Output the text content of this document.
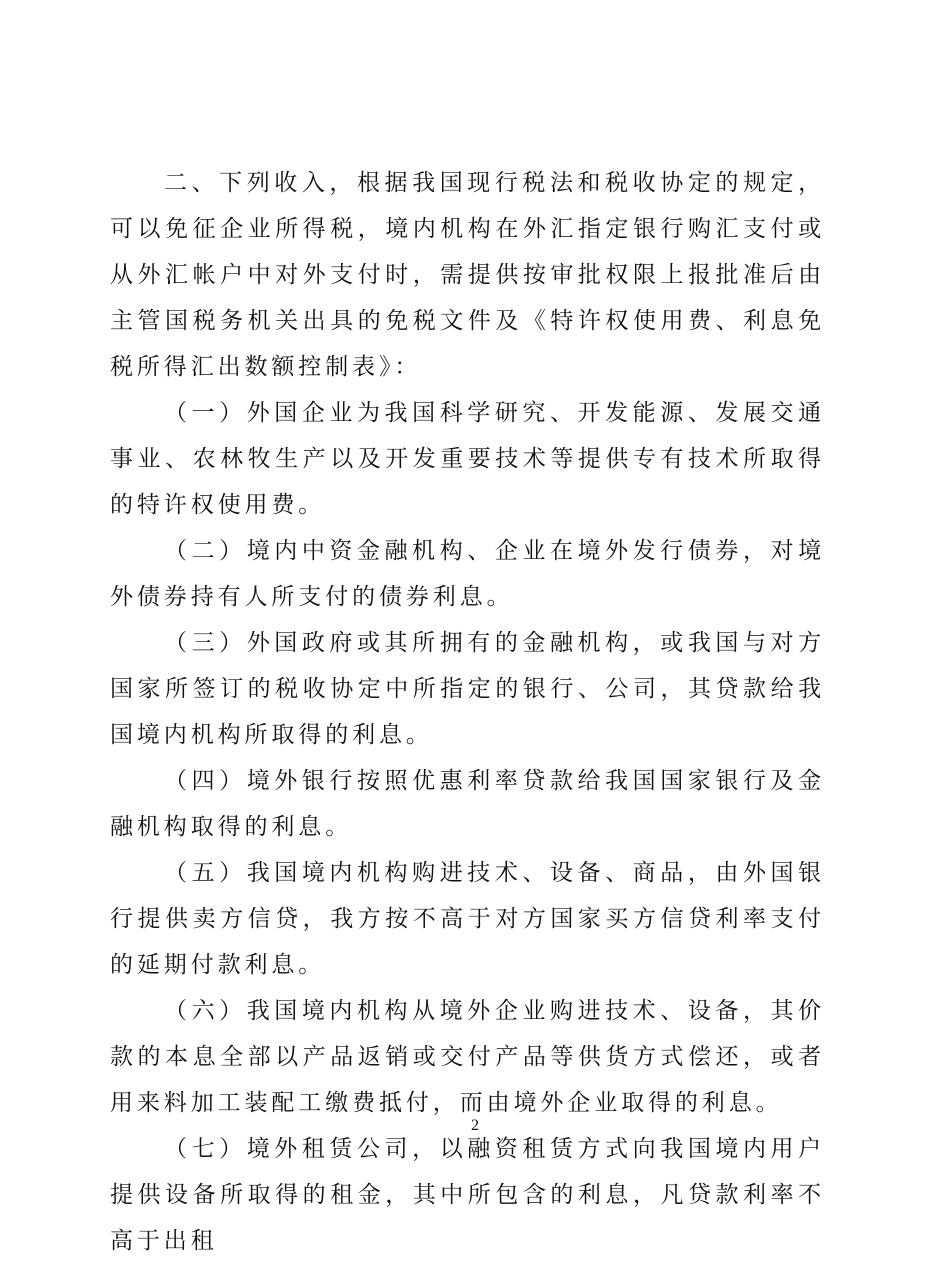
二、下列收入，根据我国现行税法和税收协定的规定，可以免征企业所得税，境内机构在外汇指定银行购汇支付或从外汇帐户中对外支付时，需提供按审批权限上报批准后由主管国税务机关出具的免税文件及《特许权使用费、利息免税所得汇出数额控制表》：

（一）外国企业为我国科学研究、开发能源、发展交通事业、农林牧生产以及开发重要技术等提供专有技术所取得的特许权使用费。

（二）境内中资金融机构、企业在境外发行债券，对境外债券持有人所支付的债券利息。

（三）外国政府或其所拥有的金融机构，或我国与对方国家所签订的税收协定中所指定的银行、公司，其贷款给我国境内机构所取得的利息。

（四）境外银行按照优惠利率贷款给我国国家银行及金融机构取得的利息。

（五）我国境内机构购进技术、设备、商品，由外国银行提供卖方信贷，我方按不高于对方国家买方信贷利率支付的延期付款利息。

（六）我国境内机构从境外企业购进技术、设备，其价款的本息全部以产品返销或交付产品等供货方式偿还，或者用来料加工装配工缴费抵付，而由境外企业取得的利息。

（七）境外租赁公司，以融资租赁方式向我国境内用户提供设备所取得的租金，其中所包含的利息，凡贷款利率不高于出租

2
